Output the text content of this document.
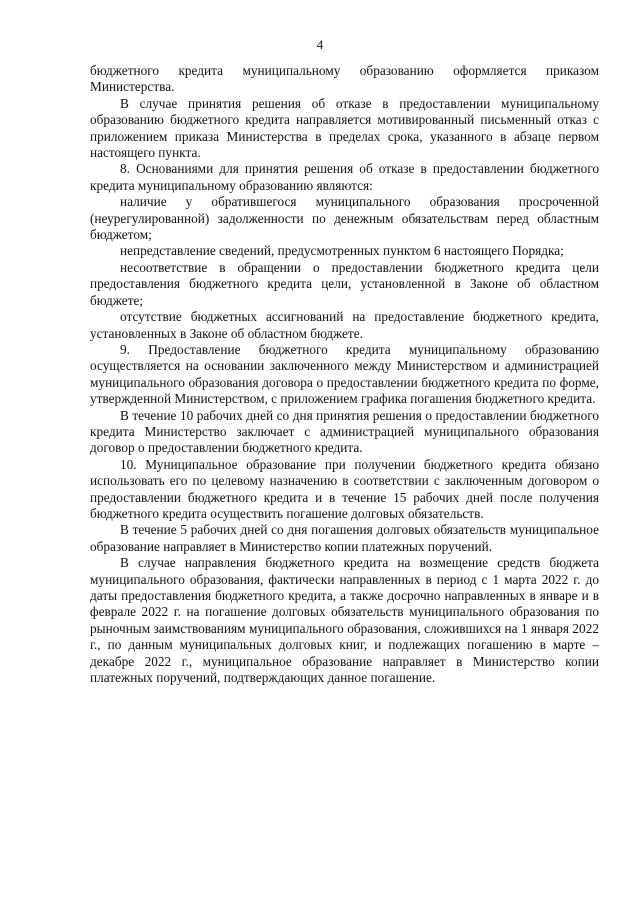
4

бюджетного кредита муниципальному образованию оформляется приказом Министерства.

В случае принятия решения об отказе в предоставлении муниципальному образованию бюджетного кредита направляется мотивированный письменный отказ с приложением приказа Министерства в пределах срока, указанного в абзаце первом настоящего пункта.

8. Основаниями для принятия решения об отказе в предоставлении бюджетного кредита муниципальному образованию являются:

наличие у обратившегося муниципального образования просроченной (неурегулированной) задолженности по денежным обязательствам перед областным бюджетом;

непредставление сведений, предусмотренных пунктом 6 настоящего Порядка;

несоответствие в обращении о предоставлении бюджетного кредита цели предоставления бюджетного кредита цели, установленной в Законе об областном бюджете;

отсутствие бюджетных ассигнований на предоставление бюджетного кредита, установленных в Законе об областном бюджете.

9. Предоставление бюджетного кредита муниципальному образованию осуществляется на основании заключенного между Министерством и администрацией муниципального образования договора о предоставлении бюджетного кредита по форме, утвержденной Министерством, с приложением графика погашения бюджетного кредита.

В течение 10 рабочих дней со дня принятия решения о предоставлении бюджетного кредита Министерство заключает с администрацией муниципального образования договор о предоставлении бюджетного кредита.

10. Муниципальное образование при получении бюджетного кредита обязано использовать его по целевому назначению в соответствии с заключенным договором о предоставлении бюджетного кредита и в течение 15 рабочих дней после получения бюджетного кредита осуществить погашение долговых обязательств.

В течение 5 рабочих дней со дня погашения долговых обязательств муниципальное образование направляет в Министерство копии платежных поручений.

В случае направления бюджетного кредита на возмещение средств бюджета муниципального образования, фактически направленных в период с 1 марта 2022 г. до даты предоставления бюджетного кредита, а также досрочно направленных в январе и в феврале 2022 г. на погашение долговых обязательств муниципального образования по рыночным заимствованиям муниципального образования, сложившихся на 1 января 2022 г., по данным муниципальных долговых книг, и подлежащих погашению в марте – декабре 2022 г., муниципальное образование направляет в Министерство копии платежных поручений, подтверждающих данное погашение.
